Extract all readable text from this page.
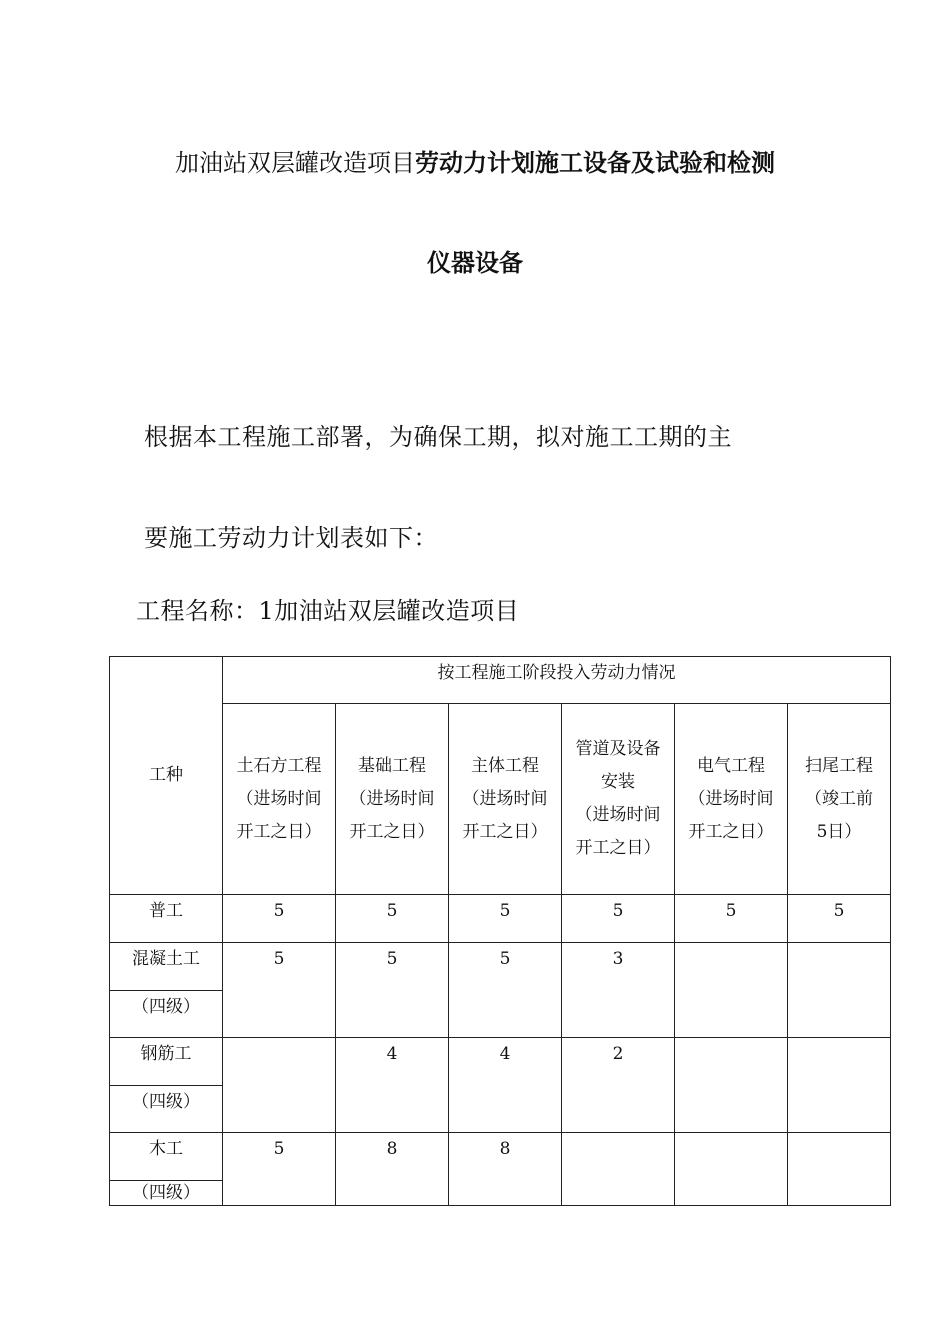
加油站双层罐改造项目劳动力计划施工设备及试验和检测
仪器设备
根据本工程施工部署，为确保工期，拟对施工工期的主
要施工劳动力计划表如下：
工程名称：1加油站双层罐改造项目
工种	按工程施工阶段投入劳动力情况					

	土石方工程
（进场时间
开工之日）	基础工程
（进场时间
开工之日）	主体工程
（进场时间
开工之日）	管道及设备
安装
（进场时间
开工之日）	电气工程
（进场时间
开工之日）	扫尾工程
（竣工前
5日）

普工	5	5	5	5	5	5
混凝土工	5	5	5	3		
（四级）						
钢筋工		4	4	2		
（四级）						
木工	5	8	8			
（四级）						
